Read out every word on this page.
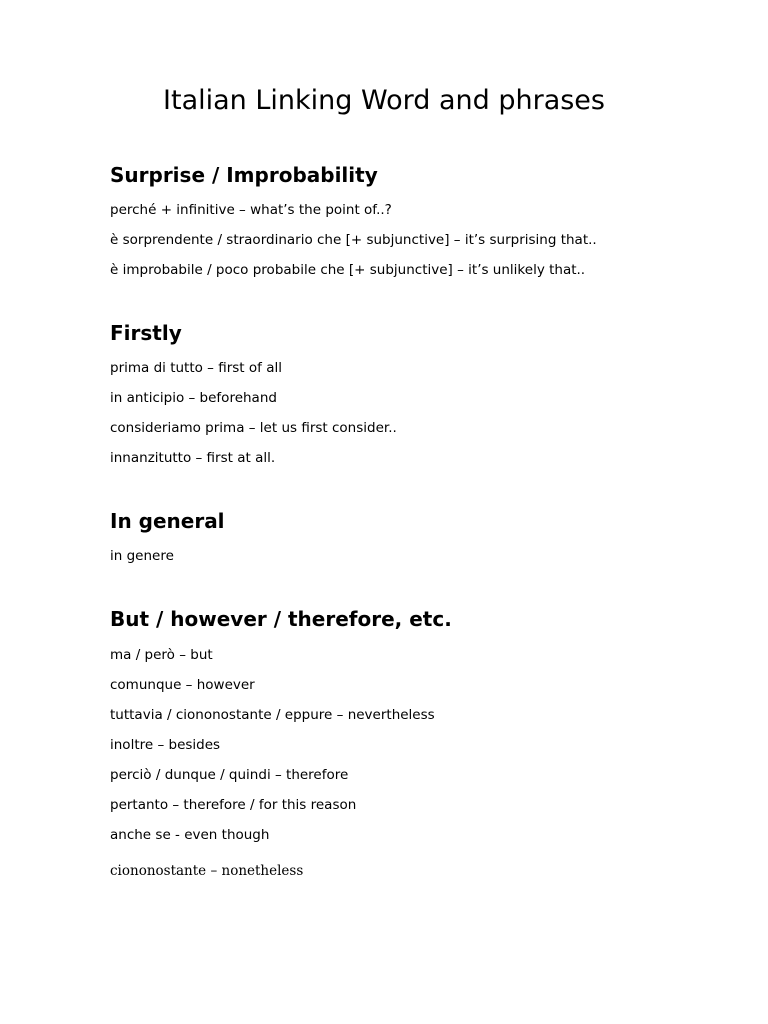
Italian Linking Word and phrases
Surprise / Improbability

perché + infinitive – what’s the point of..?

è sorprendente / straordinario che [+ subjunctive] – it’s surprising that..

è improbabile / poco probabile che [+ subjunctive] – it’s unlikely that..

Firstly

prima di tutto – first of all

in anticipio – beforehand

consideriamo prima – let us first consider..

innanzitutto – first at all.

In general

in genere

But / however / therefore, etc.

ma / però – but

comunque – however

tuttavia / ciononostante / eppure – nevertheless

inoltre – besides

perciò / dunque / quindi – therefore

pertanto – therefore / for this reason

anche se - even though

ciononostante – nonetheless
